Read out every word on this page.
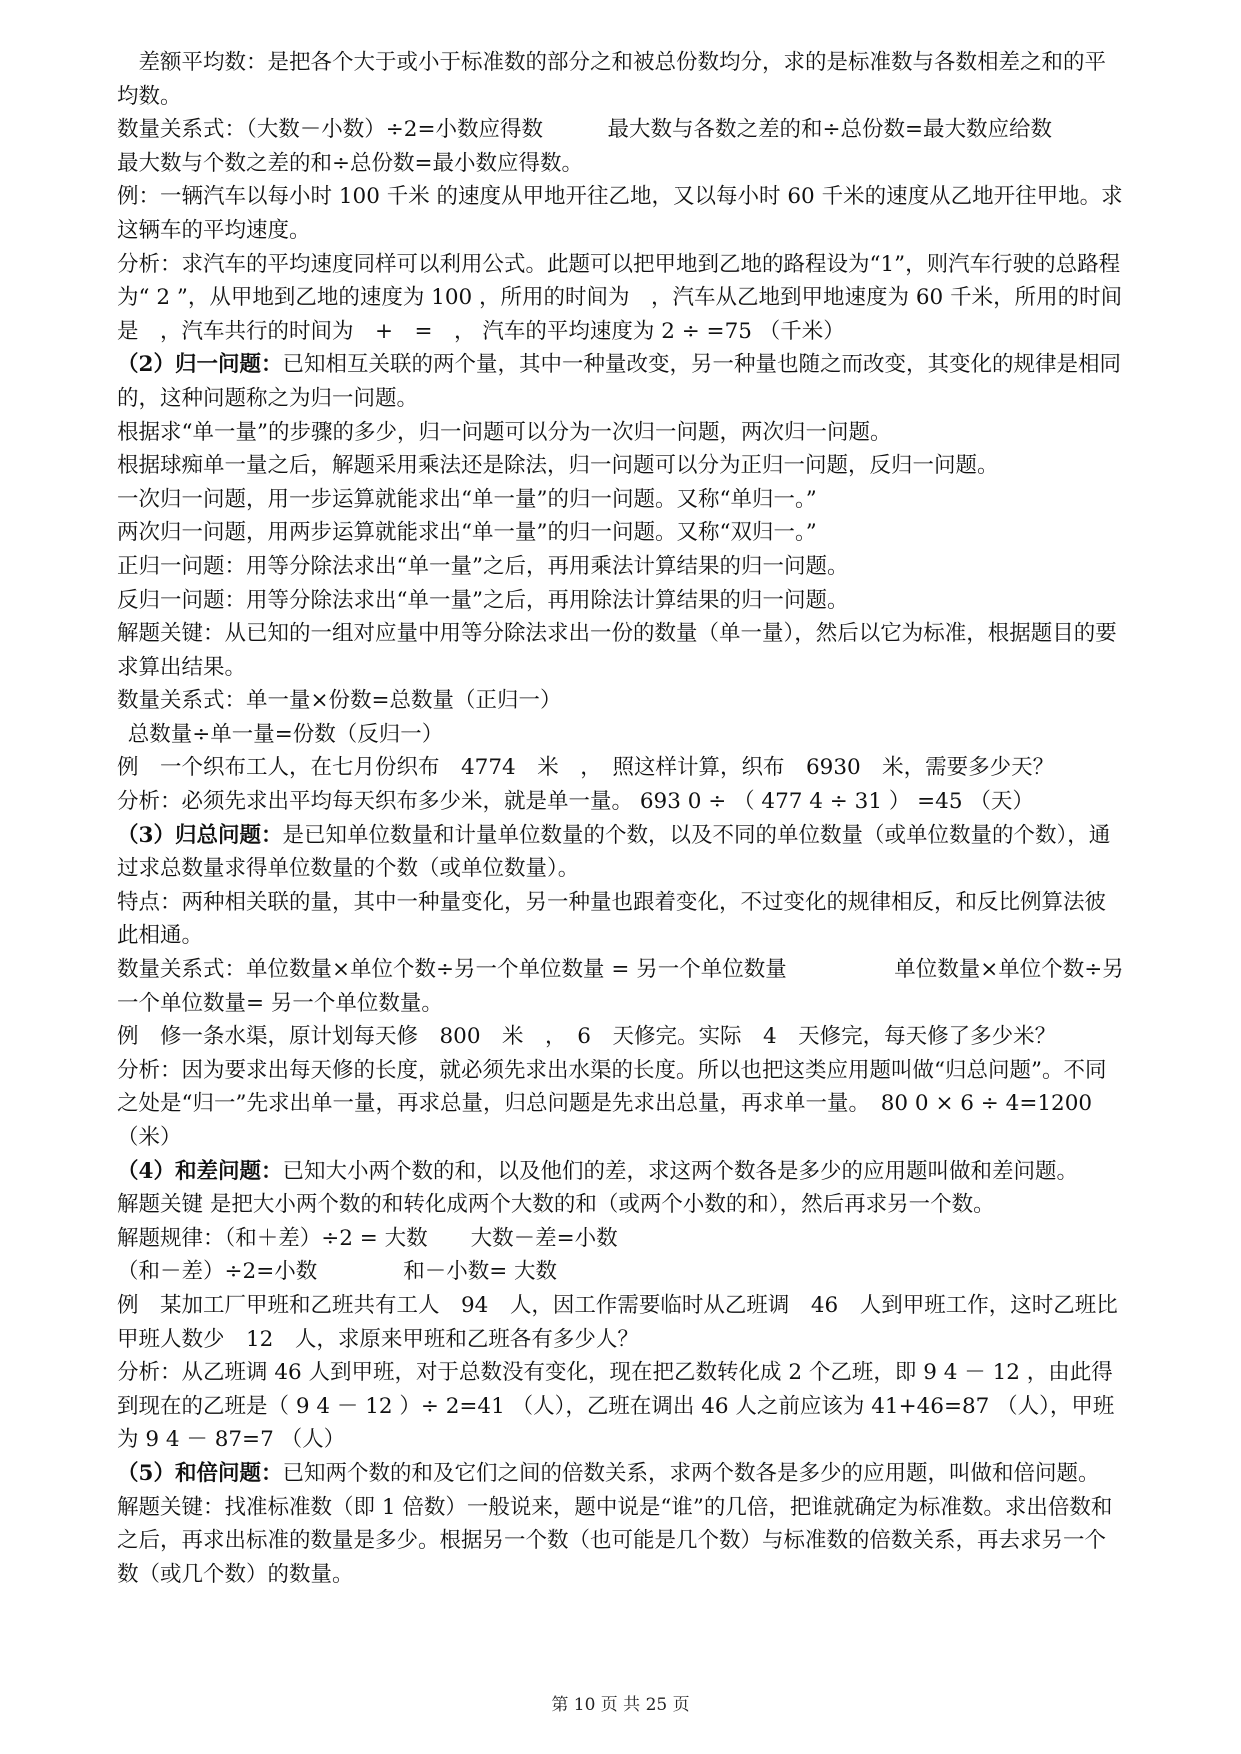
差额平均数：是把各个大于或小于标准数的部分之和被总份数均分，求的是标准数与各数相差之和的平均数。

数量关系式：（大数－小数）÷2=小数应得数　　　最大数与各数之差的和÷总份数=最大数应给数　　　　最大数与个数之差的和÷总份数=最小数应得数。

例：一辆汽车以每小时 100 千米 的速度从甲地开往乙地，又以每小时 60 千米的速度从乙地开往甲地。求这辆车的平均速度。

分析：求汽车的平均速度同样可以利用公式。此题可以把甲地到乙地的路程设为“1”，则汽车行驶的总路程为“ 2 ”，从甲地到乙地的速度为 100 ，所用的时间为　，汽车从乙地到甲地速度为 60 千米，所用的时间是　，汽车共行的时间为　+　=　， 汽车的平均速度为 2 ÷ =75 （千米）

（2）归一问题：已知相互关联的两个量，其中一种量改变，另一种量也随之而改变，其变化的规律是相同的，这种问题称之为归一问题。

根据求“单一量”的步骤的多少，归一问题可以分为一次归一问题，两次归一问题。

根据球痴单一量之后，解题采用乘法还是除法，归一问题可以分为正归一问题，反归一问题。

一次归一问题，用一步运算就能求出“单一量”的归一问题。又称“单归一。”

两次归一问题，用两步运算就能求出“单一量”的归一问题。又称“双归一。”

正归一问题：用等分除法求出“单一量”之后，再用乘法计算结果的归一问题。

反归一问题：用等分除法求出“单一量”之后，再用除法计算结果的归一问题。

解题关键：从已知的一组对应量中用等分除法求出一份的数量（单一量），然后以它为标准，根据题目的要求算出结果。

数量关系式：单一量×份数=总数量（正归一）

总数量÷单一量=份数（反归一）

例　一个织布工人，在七月份织布　4774　米　，　照这样计算，织布　6930　米，需要多少天？

分析：必须先求出平均每天织布多少米，就是单一量。 693 0 ÷ （ 477 4 ÷ 31 ） =45 （天）

（3）归总问题：是已知单位数量和计量单位数量的个数，以及不同的单位数量（或单位数量的个数），通过求总数量求得单位数量的个数（或单位数量）。

特点：两种相关联的量，其中一种量变化，另一种量也跟着变化，不过变化的规律相反，和反比例算法彼此相通。

数量关系式：单位数量×单位个数÷另一个单位数量 = 另一个单位数量　　　　　单位数量×单位个数÷另一个单位数量= 另一个单位数量。

例　修一条水渠，原计划每天修　800　米　，　6　天修完。实际　4　天修完，每天修了多少米？

分析：因为要求出每天修的长度，就必须先求出水渠的长度。所以也把这类应用题叫做“归总问题”。不同之处是“归一”先求出单一量，再求总量，归总问题是先求出总量，再求单一量。　80 0 × 6 ÷ 4=1200 （米）

（4）和差问题：已知大小两个数的和，以及他们的差，求这两个数各是多少的应用题叫做和差问题。

解题关键 是把大小两个数的和转化成两个大数的和（或两个小数的和），然后再求另一个数。

解题规律：（和＋差）÷2 = 大数　　大数－差=小数

（和－差）÷2=小数　　　　和－小数= 大数

例　某加工厂甲班和乙班共有工人　94　人，因工作需要临时从乙班调　46　人到甲班工作，这时乙班比甲班人数少　12　人，求原来甲班和乙班各有多少人？

分析：从乙班调 46 人到甲班，对于总数没有变化，现在把乙数转化成 2 个乙班，即 9 4 － 12 ，由此得到现在的乙班是（ 9 4 － 12 ）÷ 2=41 （人），乙班在调出 46 人之前应该为 41+46=87 （人），甲班为 9 4 － 87=7 （人）

（5）和倍问题：已知两个数的和及它们之间的倍数关系，求两个数各是多少的应用题，叫做和倍问题。

解题关键：找准标准数（即 1 倍数）一般说来，题中说是“谁”的几倍，把谁就确定为标准数。求出倍数和之后，再求出标准的数量是多少。根据另一个数（也可能是几个数）与标准数的倍数关系，再去求另一个数（或几个数）的数量。

第 10 页 共 25 页
